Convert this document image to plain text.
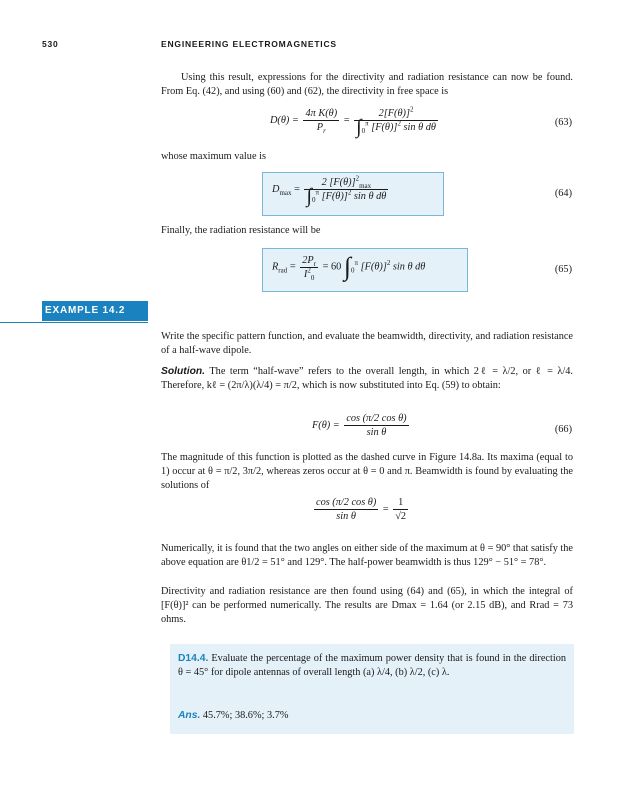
530	ENGINEERING ELECTROMAGNETICS

Using this result, expressions for the directivity and radiation resistance can now be found. From Eq. (42), and using (60) and (62), the directivity in free space is

$D(\theta) = \frac{\text{4π K(θ)}}{P_r} = \frac{2[F(\theta)]^2}{\int_0^\pi [F(\theta)]^2 \sin \theta d\theta}$	(63)

whose maximum value is

$D_{max} = \frac{2 [F(\theta)]^2_{max}}{\int_0^\pi [F(\theta)]^2 \sin \theta d\theta}$	(64)

Finally, the radiation resistance will be

$R_{rad} = \frac{2P_r}{I^2_0} = 60$ $\int_0^\pi$ $[F(\theta)]^2$ sin θ dθ	(65)
EXAMPLE 14.2

Write the specific pattern function, and evaluate the beamwidth, directivity, and radiation resistance of a half-wave dipole.

Solution. The term “half-wave” refers to the overall length, in which 2ℓ = λ/2, or ℓ = λ/4. Therefore, kℓ = (2π/λ)(λ/4) = π/2, which is now substituted into Eq. (59) to obtain:

$F(\theta) = \frac{\text{cos (π/2 cos θ)}}{\text{sin θ}}$	(66)

The magnitude of this function is plotted as the dashed curve in Figure 14.8a. Its maxima (equal to 1) occur at θ = π/2, 3π/2, whereas zeros occur at θ = 0 and π. Beamwidth is found by evaluating the solutions of

$\frac{\text{cos (π/2 cos θ)}}{\text{sin θ}} = \frac{1}{√2}$

Numerically, it is found that the two angles on either side of the maximum at θ = 90° that satisfy the above equation are θ1/2 = 51° and 129°. The half-power beamwidth is thus 129° − 51° = 78°.

Directivity and radiation resistance are then found using (64) and (65), in which the integral of [F(θ)]² can be performed numerically. The results are Dmax = 1.64 (or 2.15 dB), and Rrad = 73 ohms.

D14.4. Evaluate the percentage of the maximum power density that is found in the direction θ = 45° for dipole antennas of overall length (a) λ/4, (b) λ/2, (c) λ.

Ans. 45.7%; 38.6%; 3.7%
